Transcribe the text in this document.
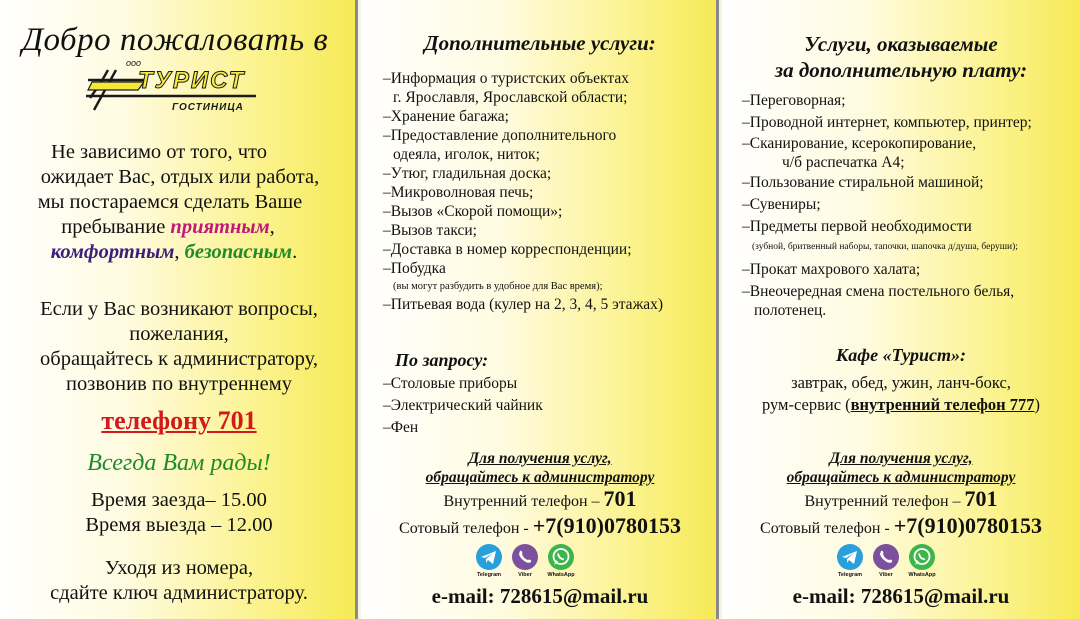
Добро пожаловать в
ооо
ТУРИСТ
ГОСТИНИЦА
Не зависимо от того, что
ожидает Вас, отдых или работа,
мы постараемся сделать Ваше
пребывание приятным,
комфортным, безопасным.
Если у Вас возникают вопросы,
пожелания,
обращайтесь к администратору,
позвонив по внутреннему
телефону 701
Всегда Вам рады!
Время заезда– 15.00
Время выезда – 12.00
Уходя из номера,
сдайте ключ администратору.
Дополнительные услуги:
–Информация о туристских объектах
г. Ярославля, Ярославской области;
–Хранение багажа;
–Предоставление дополнительного
одеяла, иголок, ниток;
–Утюг, гладильная доска;
–Микроволновая печь;
–Вызов «Скорой помощи»;
–Вызов такси;
–Доставка в номер корреспонденции;
–Побудка
(вы могут разбудить в удобное для Вас время);
–Питьевая вода (кулер на 2, 3, 4, 5 этажах)
По запросу:
–Столовые приборы
–Электрический чайник
–Фен
Для получения услуг,
обращайтесь к администратору
Внутренний телефон – 701
Сотовый телефон - +7(910)0780153
Telegram	Viber	WhatsApp
e-mail: 728615@mail.ru
Услуги, оказываемые
за дополнительную плату:
–Переговорная;
–Проводной интернет, компьютер, принтер;
–Сканирование, ксерокопирование,
ч/б распечатка А4;
–Пользование стиральной машиной;
–Сувениры;
–Предметы первой необходимости
(зубной, бритвенный наборы, тапочки, шапочка д/душа, беруши);
–Прокат махрового халата;
–Внеочередная смена постельного белья,
полотенец.
Кафе «Турист»:
завтрак, обед, ужин, ланч-бокс,
рум-сервис (внутренний телефон 777)
Для получения услуг,
обращайтесь к администратору
Внутренний телефон – 701
Сотовый телефон - +7(910)0780153
Telegram	Viber	WhatsApp
e-mail: 728615@mail.ru
